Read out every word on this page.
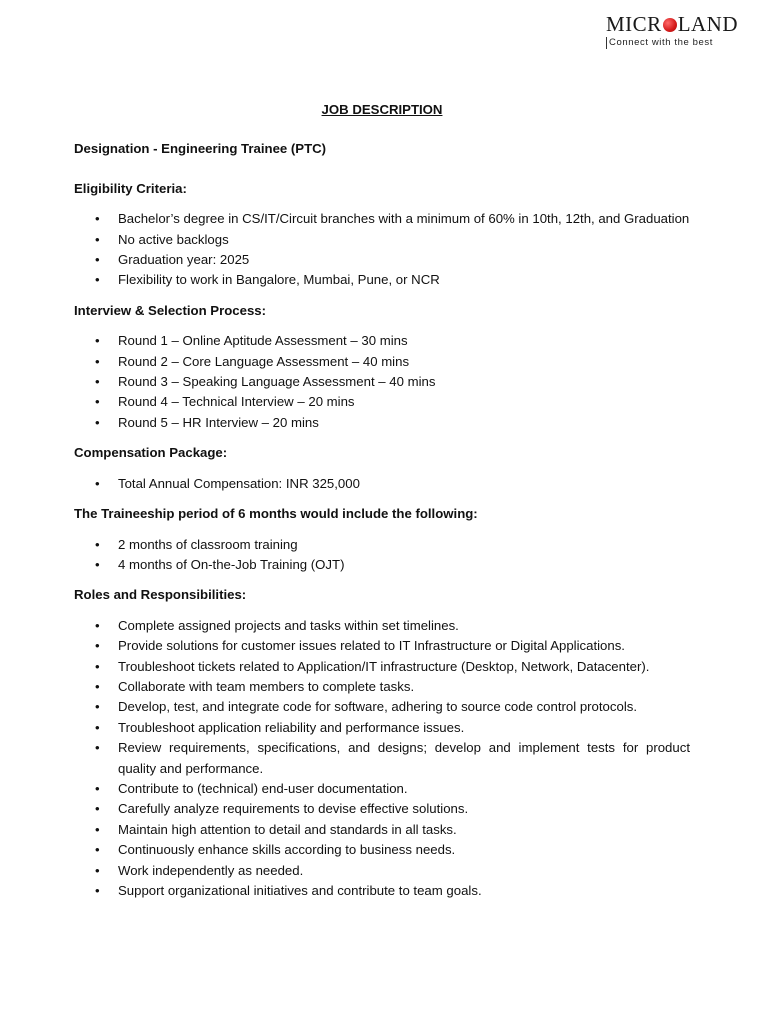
MICR LAND
Connect with the best

JOB DESCRIPTION

Designation - Engineering Trainee (PTC)

Eligibility Criteria:

• Bachelor’s degree in CS/IT/Circuit branches with a minimum of 60% in 10th, 12th, and Graduation
• No active backlogs
• Graduation year: 2025
• Flexibility to work in Bangalore, Mumbai, Pune, or NCR

Interview & Selection Process:

• Round 1 – Online Aptitude Assessment – 30 mins
• Round 2 – Core Language Assessment – 40 mins
• Round 3 – Speaking Language Assessment – 40 mins
• Round 4 – Technical Interview – 20 mins
• Round 5 – HR Interview – 20 mins

Compensation Package:

• Total Annual Compensation: INR 325,000

The Traineeship period of 6 months would include the following:

• 2 months of classroom training
• 4 months of On-the-Job Training (OJT)

Roles and Responsibilities:

• Complete assigned projects and tasks within set timelines.
• Provide solutions for customer issues related to IT Infrastructure or Digital Applications.
• Troubleshoot tickets related to Application/IT infrastructure (Desktop, Network, Datacenter).
• Collaborate with team members to complete tasks.
• Develop, test, and integrate code for software, adhering to source code control protocols.
• Troubleshoot application reliability and performance issues.
• Review requirements, specifications, and designs; develop and implement tests for product quality and performance.
• Contribute to (technical) end-user documentation.
• Carefully analyze requirements to devise effective solutions.
• Maintain high attention to detail and standards in all tasks.
• Continuously enhance skills according to business needs.
• Work independently as needed.
• Support organizational initiatives and contribute to team goals.
